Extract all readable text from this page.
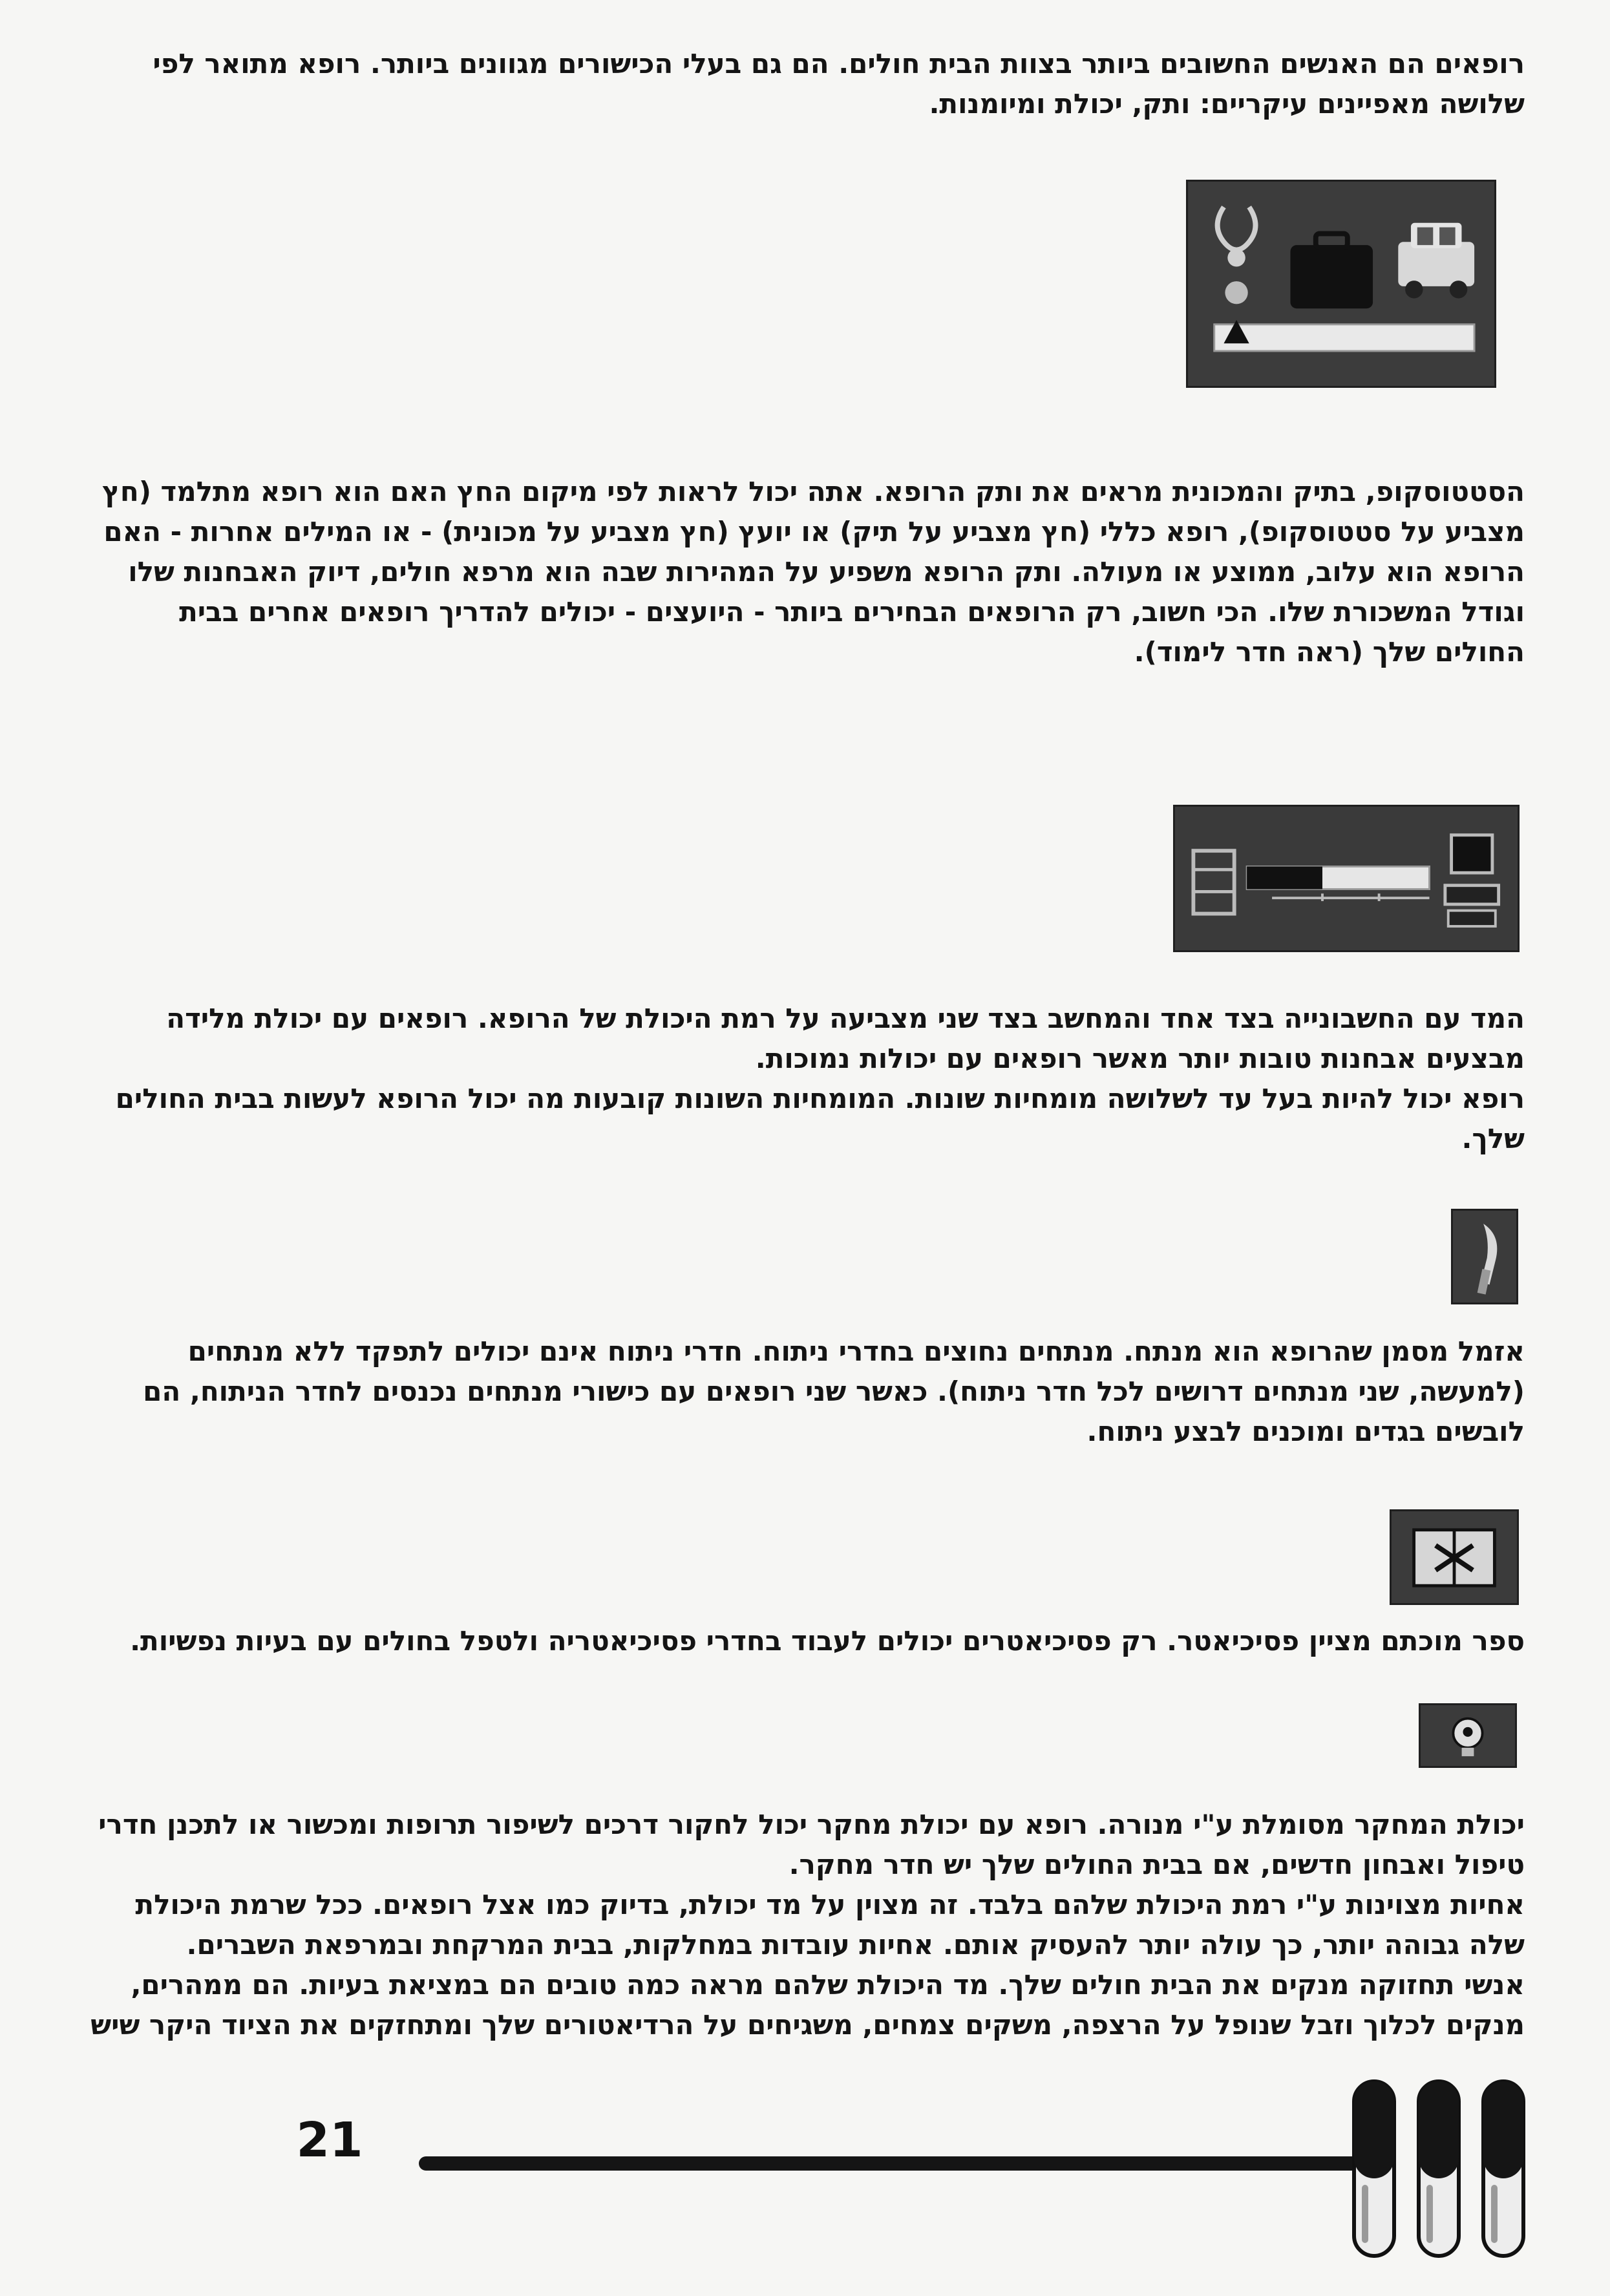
רופאים הם האנשים החשובים ביותר בצוות הבית חולים. הם גם בעלי הכישורים מגוונים ביותר. רופא מתואר לפי
שלושה מאפיינים עיקריים: ותק, יכולת ומיומנות.

הסטטוסקופ, בתיק והמכונית מראים את ותק הרופא. אתה יכול לראות לפי מיקום החץ האם הוא רופא מתלמד (חץ
מצביע על סטטוסקופ), רופא כללי (חץ מצביע על תיק) או יועץ (חץ מצביע על מכונית) - או המילים אחרות - האם
הרופא הוא עלוב, ממוצע או מעולה. ותק הרופא משפיע על המהירות שבה הוא מרפא חולים, דיוק האבחנות שלו
וגודל המשכורת שלו. הכי חשוב, רק הרופאים הבחירים ביותר - היועצים - יכולים להדריך רופאים אחרים בבית
החולים שלך (ראה חדר לימוד).

המד עם החשבונייה בצד אחד והמחשב בצד שני מצביעה על רמת היכולת של הרופא. רופאים עם יכולת מלידה
מבצעים אבחנות טובות יותר מאשר רופאים עם יכולות נמוכות.
רופא יכול להיות בעל עד לשלושה מומחיות שונות. המומחיות השונות קובעות מה יכול הרופא לעשות בבית החולים
שלך.

אזמל מסמן שהרופא הוא מנתח. מנתחים נחוצים בחדרי ניתוח. חדרי ניתוח אינם יכולים לתפקד ללא מנתחים
(למעשה, שני מנתחים דרושים לכל חדר ניתוח). כאשר שני רופאים עם כישורי מנתחים נכנסים לחדר הניתוח, הם
לובשים בגדים ומוכנים לבצע ניתוח.

ספר מוכתם מציין פסיכיאטר. רק פסיכיאטרים יכולים לעבוד בחדרי פסיכיאטריה ולטפל בחולים עם בעיות נפשיות.

יכולת המחקר מסומלת ע"י מנורה. רופא עם יכולת מחקר יכול לחקור דרכים לשיפור תרופות ומכשור או לתכנן חדרי
טיפול ואבחון חדשים, אם בבית החולים שלך יש חדר מחקר.
אחיות מצוינות ע"י רמת היכולת שלהם בלבד. זה מצוין על מד יכולת, בדיוק כמו אצל רופאים. ככל שרמת היכולת
שלה גבוהה יותר, כך עולה יותר להעסיק אותם. אחיות עובדות במחלקות, בבית המרקחת ובמרפאת השברים.
אנשי תחזוקה מנקים את הבית חולים שלך. מד היכולת שלהם מראה כמה טובים הם במציאת בעיות. הם ממהרים,
מנקים לכלוך וזבל שנופל על הרצפה, משקים צמחים, משגיחים על הרדיאטורים שלך ומתחזקים את הציוד היקר שיש

21
